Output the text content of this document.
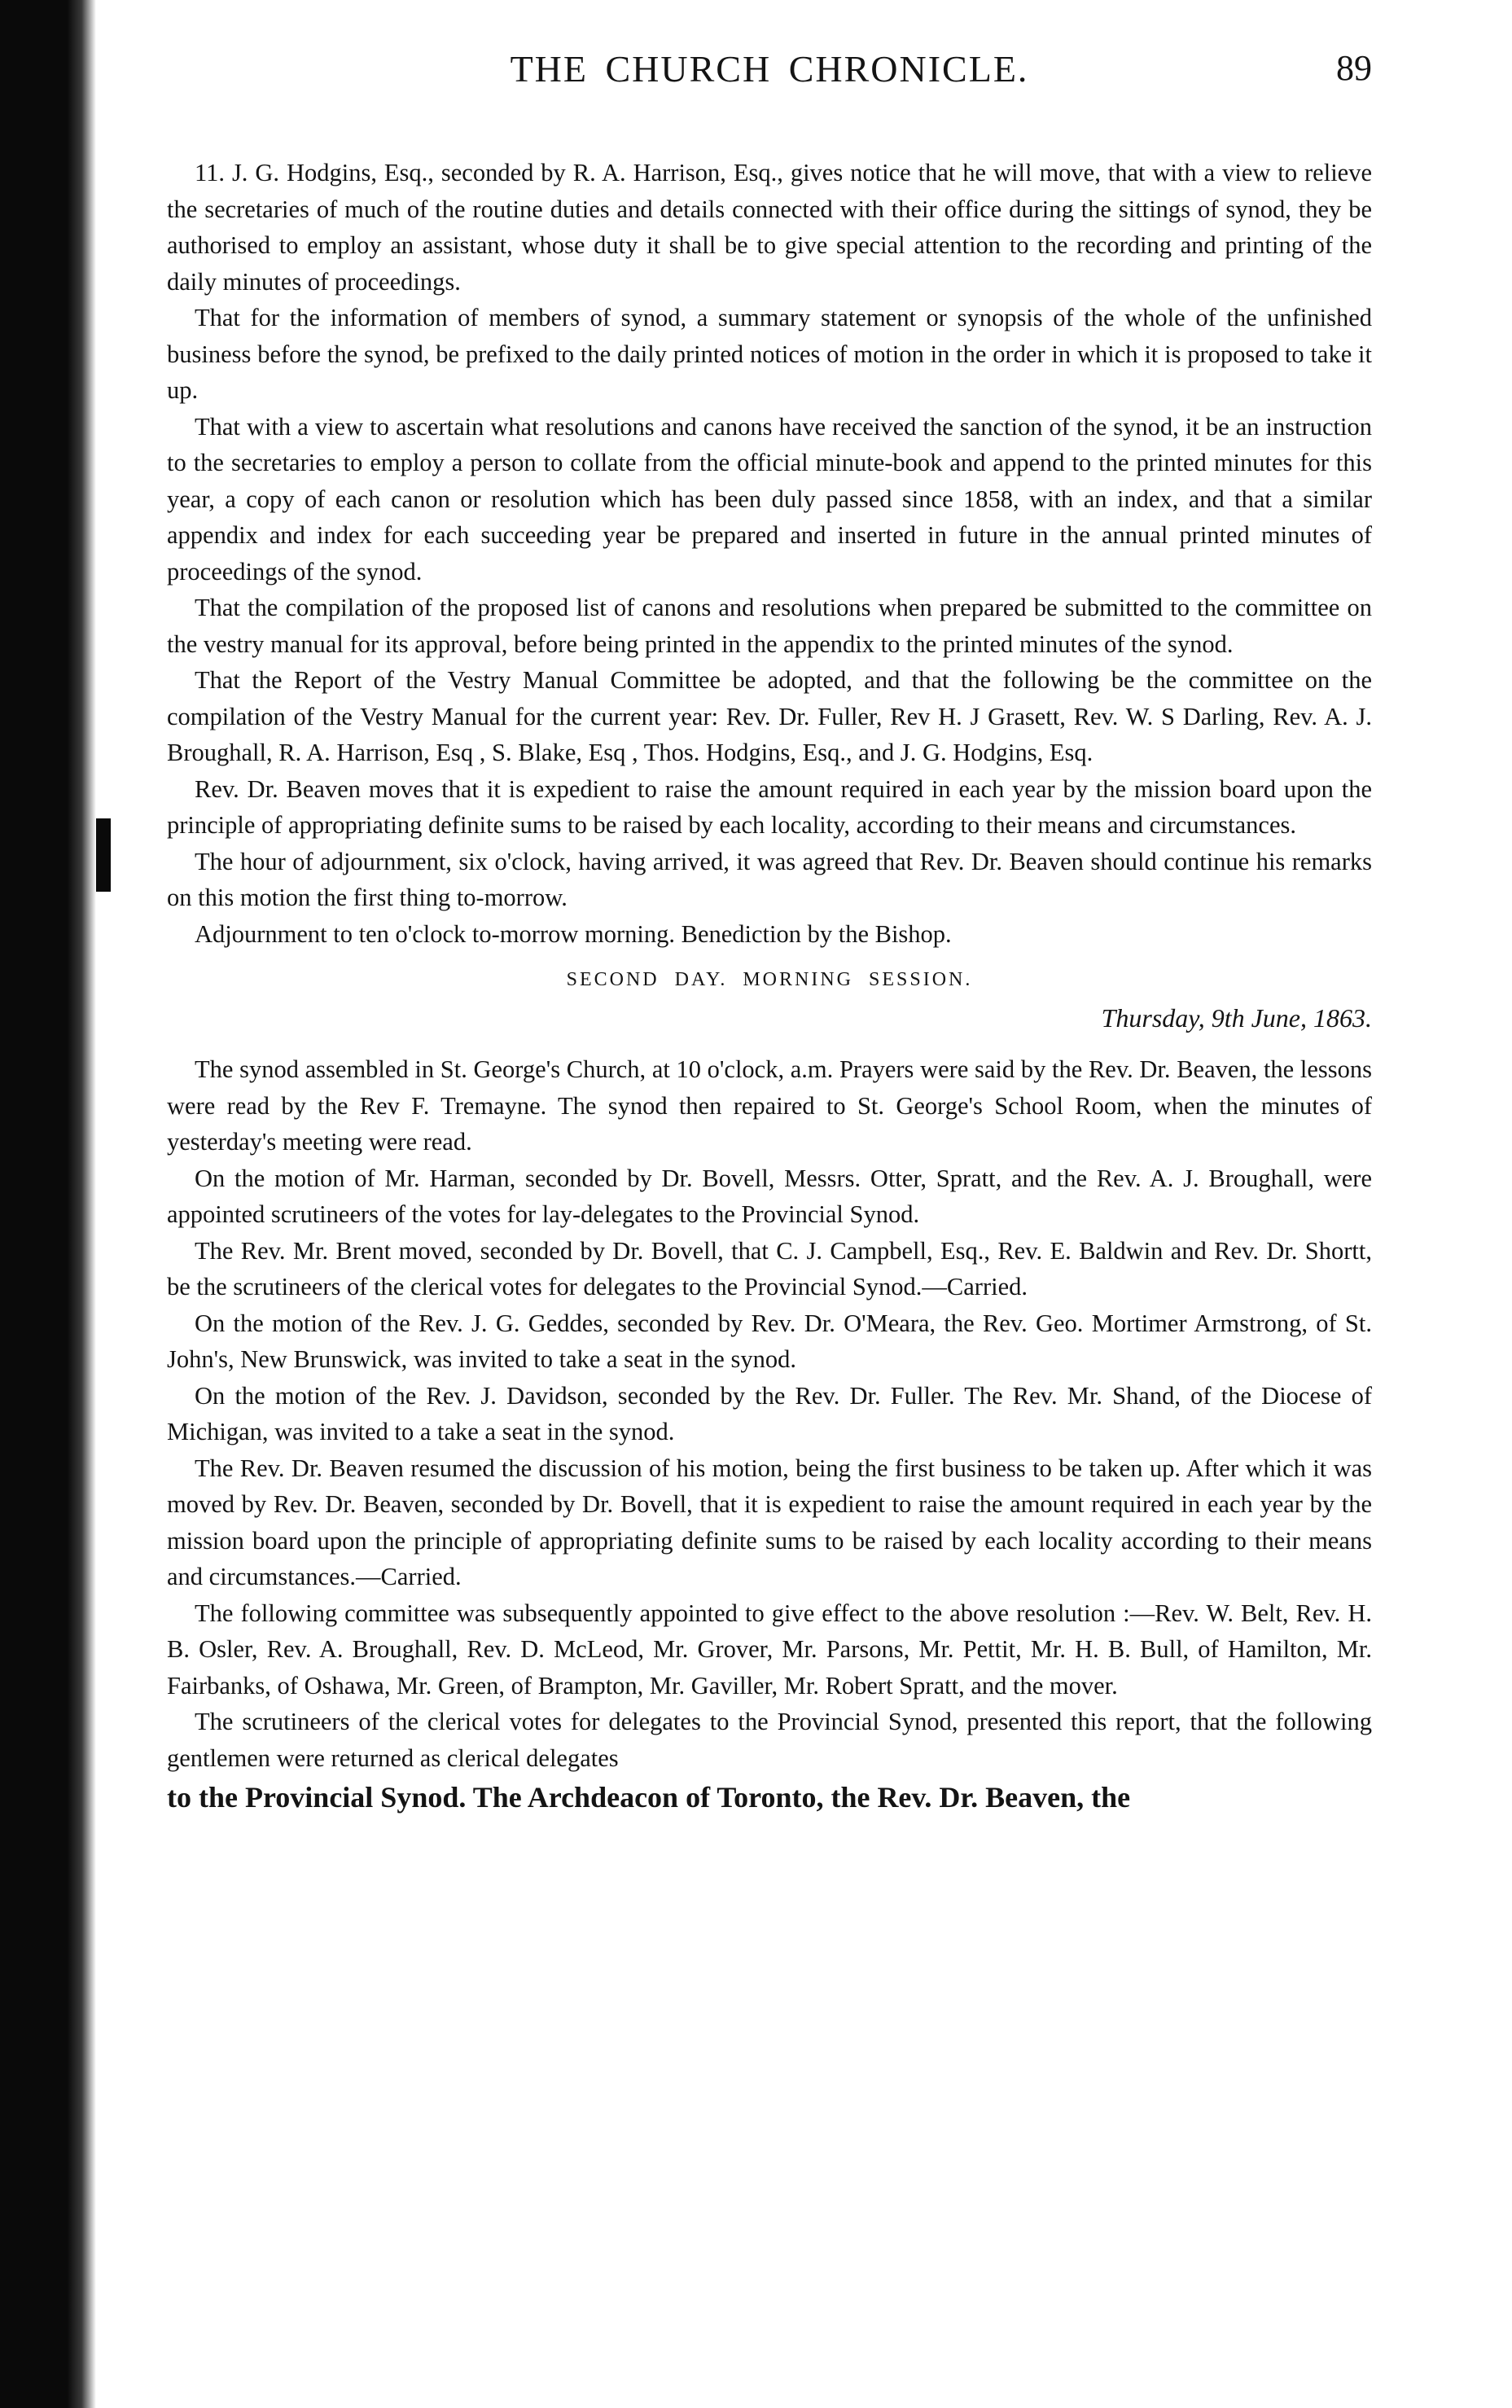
THE CHURCH CHRONICLE.	89

11. J. G. Hodgins, Esq., seconded by R. A. Harrison, Esq., gives notice that he will move, that with a view to relieve the secretaries of much of the routine duties and details connected with their office during the sittings of synod, they be authorised to employ an assistant, whose duty it shall be to give special attention to the recording and printing of the daily minutes of proceedings.

That for the information of members of synod, a summary statement or synopsis of the whole of the unfinished business before the synod, be prefixed to the daily printed notices of motion in the order in which it is proposed to take it up.

That with a view to ascertain what resolutions and canons have received the sanction of the synod, it be an instruction to the secretaries to employ a person to collate from the official minute-book and append to the printed minutes for this year, a copy of each canon or resolution which has been duly passed since 1858, with an index, and that a similar appendix and index for each succeeding year be prepared and inserted in future in the annual printed minutes of proceedings of the synod.

That the compilation of the proposed list of canons and resolutions when prepared be submitted to the committee on the vestry manual for its approval, before being printed in the appendix to the printed minutes of the synod.

That the Report of the Vestry Manual Committee be adopted, and that the following be the committee on the compilation of the Vestry Manual for the current year: Rev. Dr. Fuller, Rev H. J Grasett, Rev. W. S Darling, Rev. A. J. Broughall, R. A. Harrison, Esq , S. Blake, Esq , Thos. Hodgins, Esq., and J. G. Hodgins, Esq.

Rev. Dr. Beaven moves that it is expedient to raise the amount required in each year by the mission board upon the principle of appropriating definite sums to be raised by each locality, according to their means and circumstances.

The hour of adjournment, six o'clock, having arrived, it was agreed that Rev. Dr. Beaven should continue his remarks on this motion the first thing to-morrow.

Adjournment to ten o'clock to-morrow morning. Benediction by the Bishop.

SECOND DAY. MORNING SESSION.
Thursday, 9th June, 1863.

The synod assembled in St. George's Church, at 10 o'clock, a.m. Prayers were said by the Rev. Dr. Beaven, the lessons were read by the Rev F. Tremayne. The synod then repaired to St. George's School Room, when the minutes of yesterday's meeting were read.

On the motion of Mr. Harman, seconded by Dr. Bovell, Messrs. Otter, Spratt, and the Rev. A. J. Broughall, were appointed scrutineers of the votes for lay-delegates to the Provincial Synod.

The Rev. Mr. Brent moved, seconded by Dr. Bovell, that C. J. Campbell, Esq., Rev. E. Baldwin and Rev. Dr. Shortt, be the scrutineers of the clerical votes for delegates to the Provincial Synod.—Carried.

On the motion of the Rev. J. G. Geddes, seconded by Rev. Dr. O'Meara, the Rev. Geo. Mortimer Armstrong, of St. John's, New Brunswick, was invited to take a seat in the synod.

On the motion of the Rev. J. Davidson, seconded by the Rev. Dr. Fuller. The Rev. Mr. Shand, of the Diocese of Michigan, was invited to a take a seat in the synod.

The Rev. Dr. Beaven resumed the discussion of his motion, being the first business to be taken up. After which it was moved by Rev. Dr. Beaven, seconded by Dr. Bovell, that it is expedient to raise the amount required in each year by the mission board upon the principle of appropriating definite sums to be raised by each locality according to their means and circumstances.—Carried.

The following committee was subsequently appointed to give effect to the above resolution :—Rev. W. Belt, Rev. H. B. Osler, Rev. A. Broughall, Rev. D. McLeod, Mr. Grover, Mr. Parsons, Mr. Pettit, Mr. H. B. Bull, of Hamilton, Mr. Fairbanks, of Oshawa, Mr. Green, of Brampton, Mr. Gaviller, Mr. Robert Spratt, and the mover.

The scrutineers of the clerical votes for delegates to the Provincial Synod, presented this report, that the following gentlemen were returned as clerical delegates

to the Provincial Synod. The Archdeacon of Toronto, the Rev. Dr. Beaven, the
